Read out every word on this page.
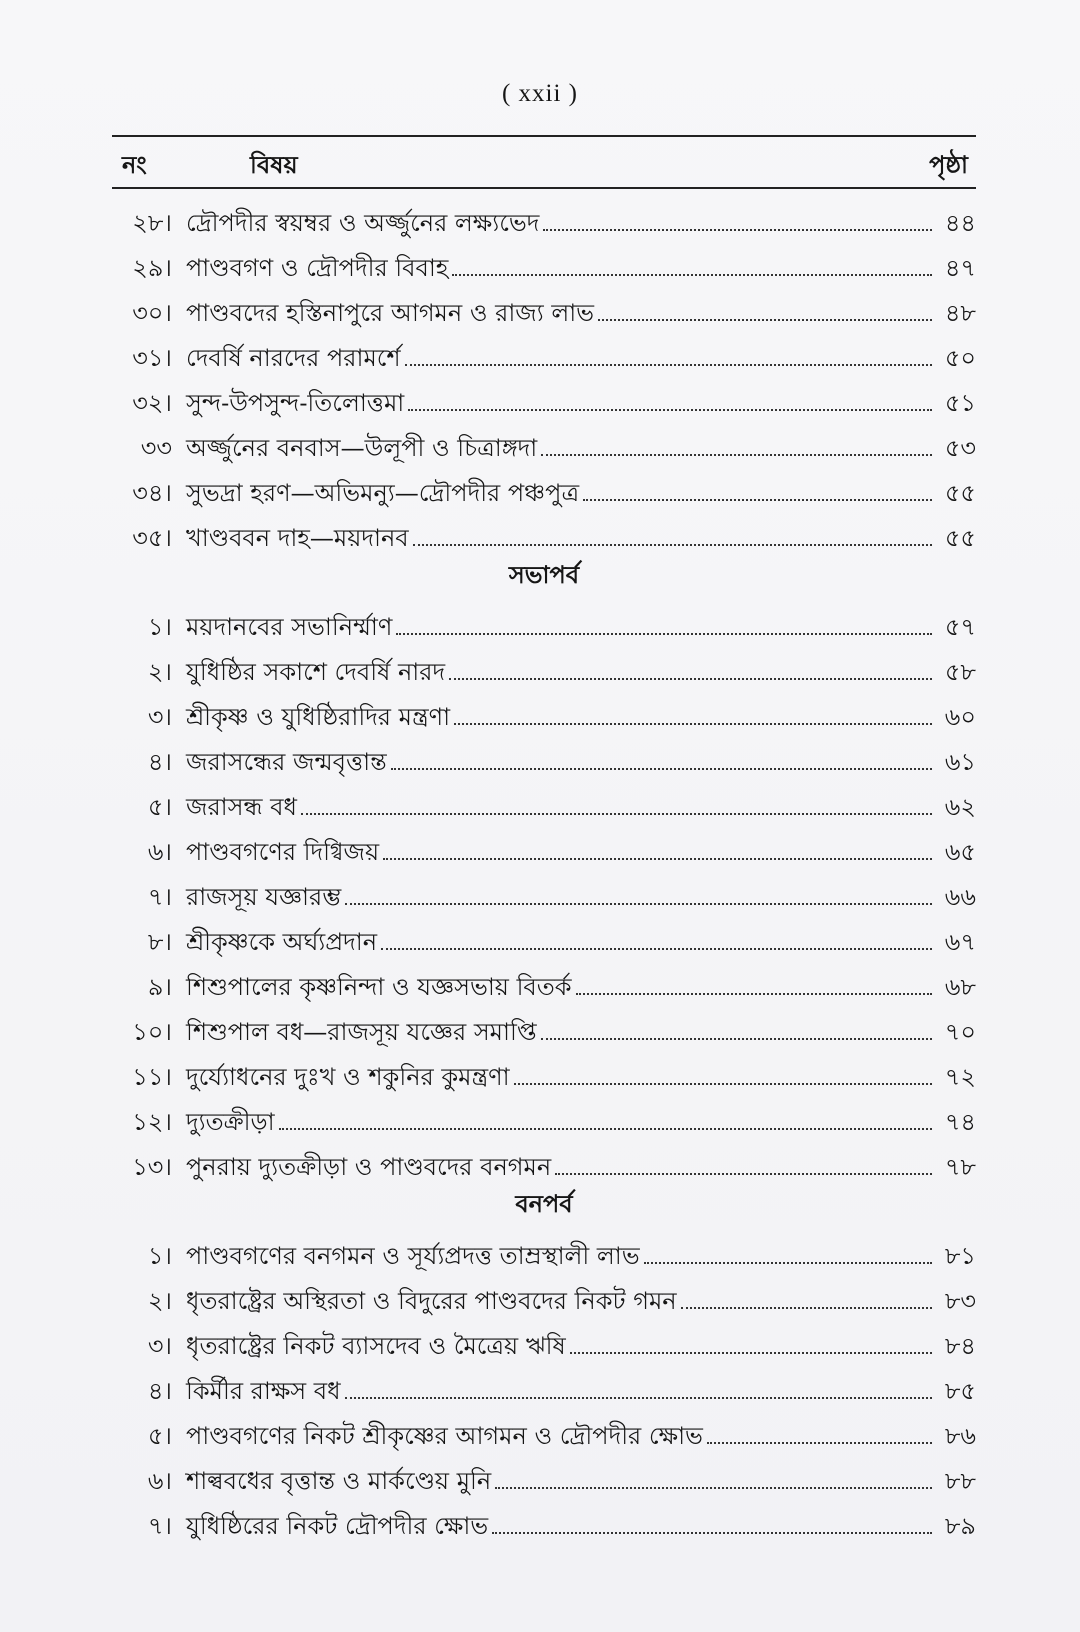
( xxii )
নং	বিষয়	পৃষ্ঠা
২৮। দ্রৌপদীর স্বয়ম্বর ও অর্জ্জুনের লক্ষ্যভেদ	৪৪
২৯। পাণ্ডবগণ ও দ্রৌপদীর বিবাহ	৪৭
৩০। পাণ্ডবদের হস্তিনাপুরে আগমন ও রাজ্য লাভ	৪৮
৩১। দেবর্ষি নারদের পরামর্শে	৫০
৩২। সুন্দ-উপসুন্দ-তিলোত্তমা	৫১
৩৩ অর্জ্জুনের বনবাস—উলূপী ও চিত্রাঙ্গদা	৫৩
৩৪। সুভদ্রা হরণ—অভিমন্যু—দ্রৌপদীর পঞ্চপুত্র	৫৫
৩৫। খাণ্ডববন দাহ—ময়দানব	৫৫
সভাপর্ব
১। ময়দানবের সভানির্ম্মাণ	৫৭
২। যুধিষ্ঠির সকাশে দেবর্ষি নারদ	৫৮
৩। শ্রীকৃষ্ণ ও যুধিষ্ঠিরাদির মন্ত্রণা	৬০
৪। জরাসন্ধের জন্মবৃত্তান্ত	৬১
৫। জরাসন্ধ বধ	৬২
৬। পাণ্ডবগণের দিগ্বিজয়	৬৫
৭। রাজসূয় যজ্ঞারম্ভ	৬৬
৮। শ্রীকৃষ্ণকে অর্ঘ্যপ্রদান	৬৭
৯। শিশুপালের কৃষ্ণনিন্দা ও যজ্ঞসভায় বিতর্ক	৬৮
১০। শিশুপাল বধ—রাজসূয় যজ্ঞের সমাপ্তি	৭০
১১। দুর্য্যোধনের দুঃখ ও শকুনির কুমন্ত্রণা	৭২
১২। দ্যুতক্রীড়া	৭৪
১৩। পুনরায় দ্যুতক্রীড়া ও পাণ্ডবদের বনগমন	৭৮
বনপর্ব
১। পাণ্ডবগণের বনগমন ও সূর্য্যপ্রদত্ত তাম্রস্থালী লাভ	৮১
২। ধৃতরাষ্ট্রের অস্থিরতা ও বিদুরের পাণ্ডবদের নিকট গমন	৮৩
৩। ধৃতরাষ্ট্রের নিকট ব্যাসদেব ও মৈত্রেয় ঋষি	৮৪
৪। কির্মীর রাক্ষস বধ	৮৫
৫। পাণ্ডবগণের নিকট শ্রীকৃষ্ণের আগমন ও দ্রৌপদীর ক্ষোভ	৮৬
৬। শাল্ববধের বৃত্তান্ত ও মার্কণ্ডেয় মুনি	৮৮
৭। যুধিষ্ঠিরের নিকট দ্রৌপদীর ক্ষোভ	৮৯
